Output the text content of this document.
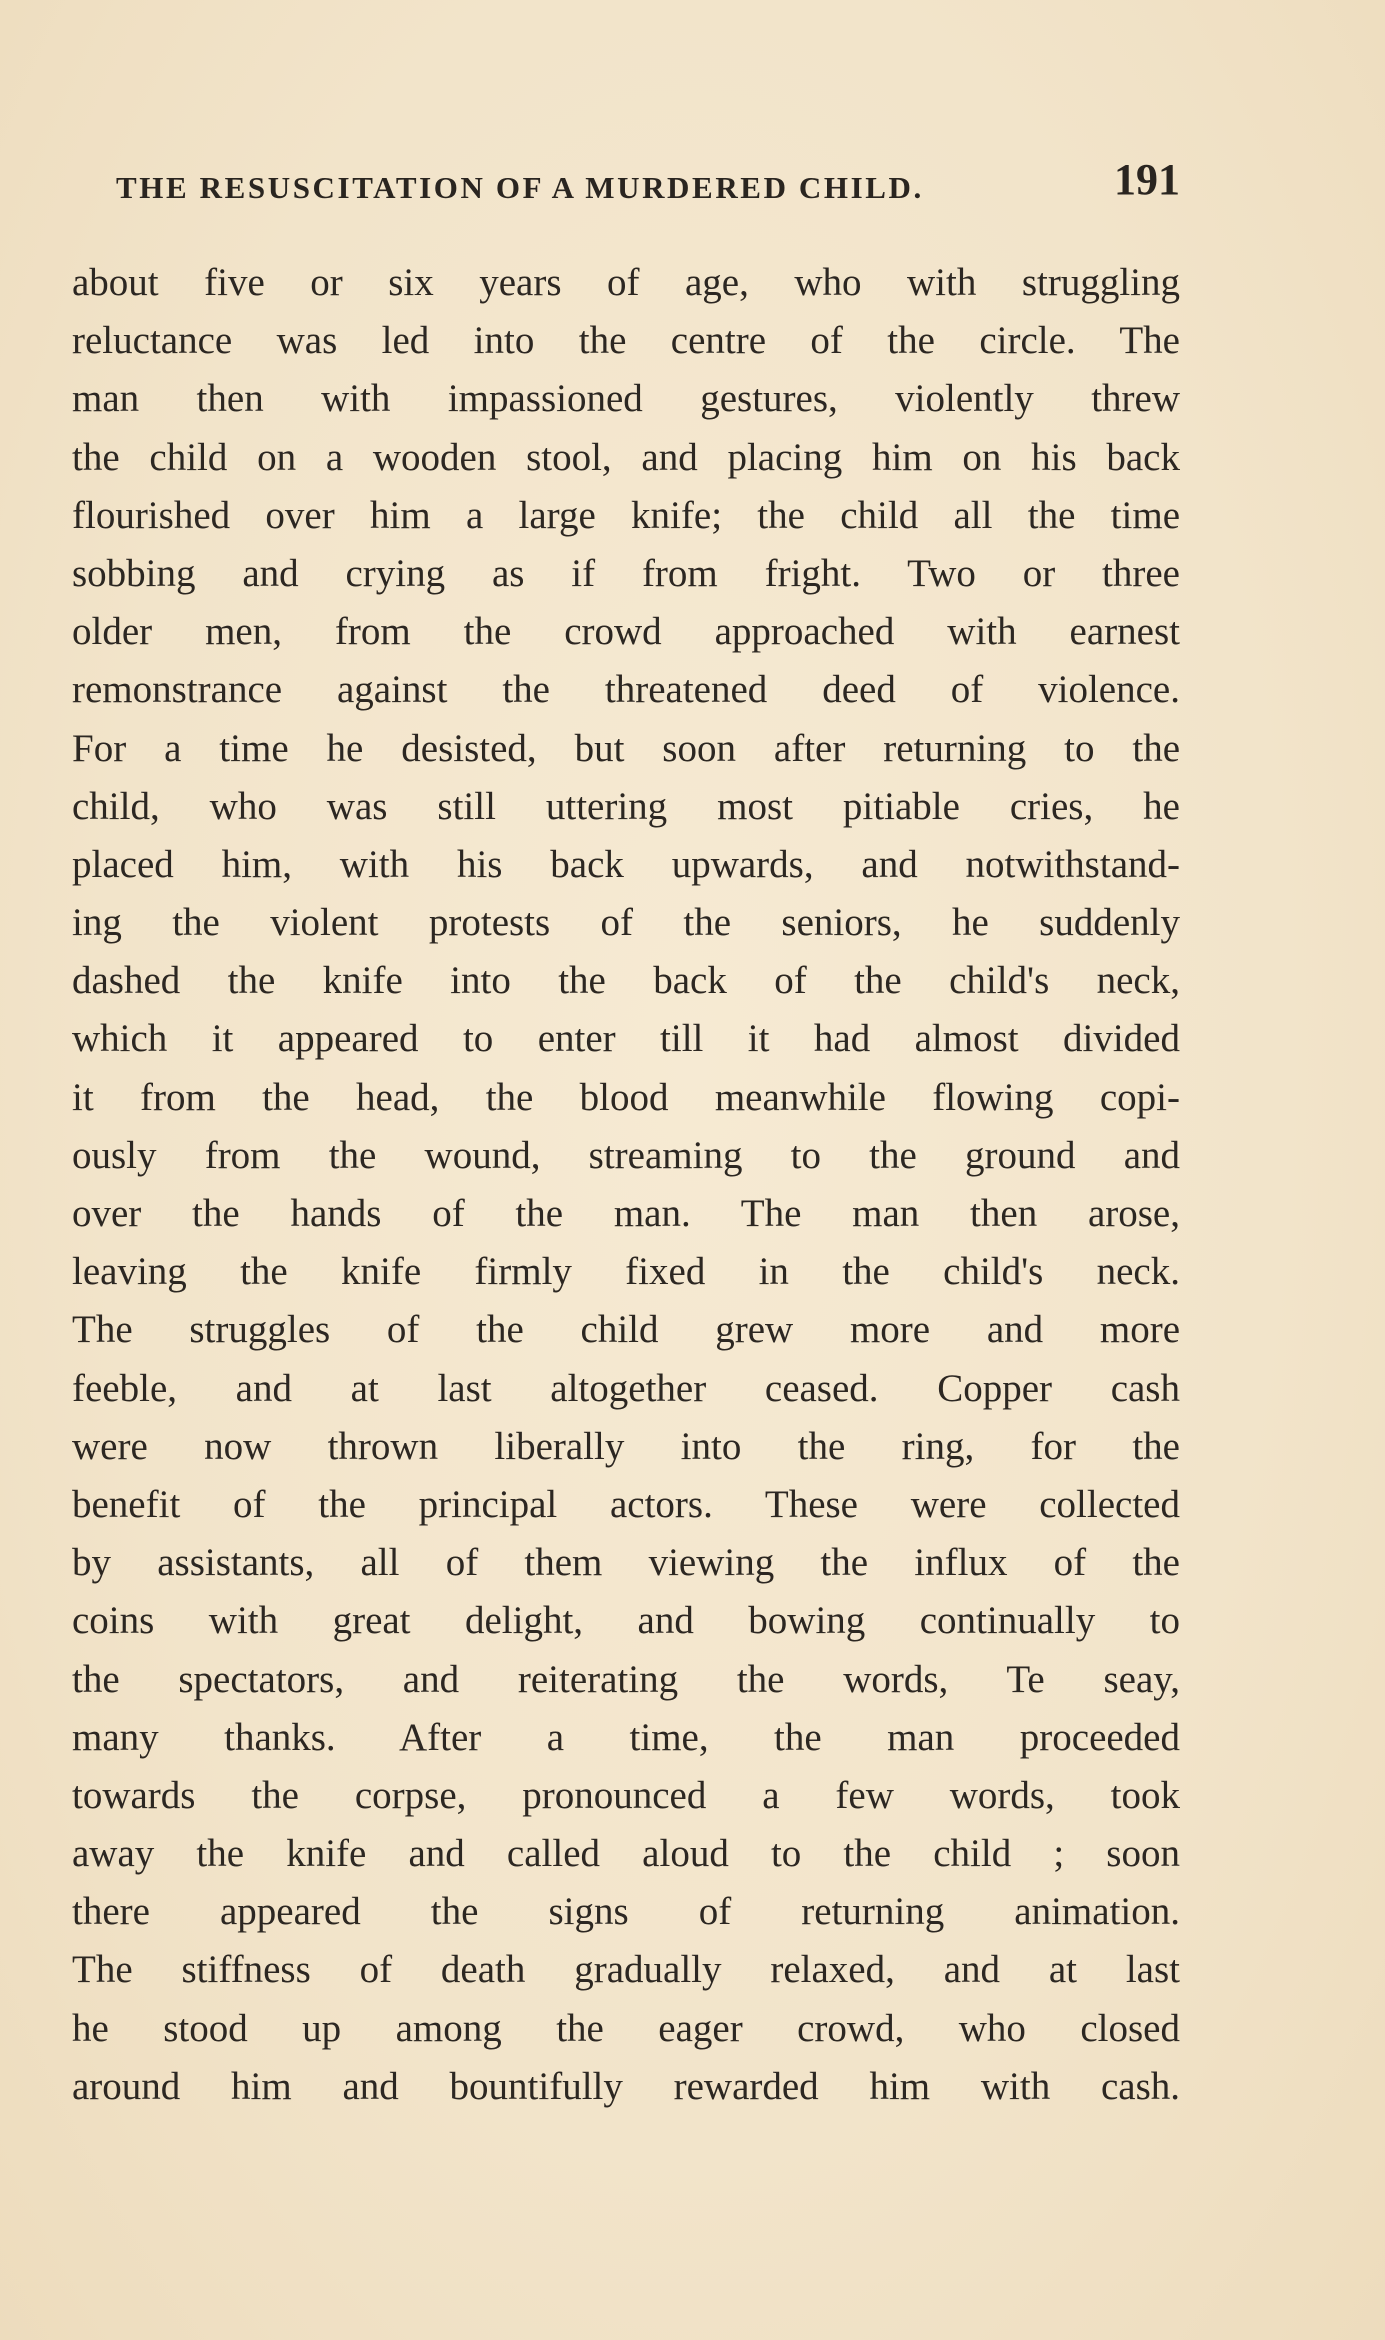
THE RESUSCITATION OF A MURDERED CHILD.	191
about five or six years of age, who with struggling
reluctance was led into the centre of the circle. The
man then with impassioned gestures, violently threw
the child on a wooden stool, and placing him on his back
flourished over him a large knife; the child all the time
sobbing and crying as if from fright. Two or three
older men, from the crowd approached with earnest
remonstrance against the threatened deed of violence.
For a time he desisted, but soon after returning to the
child, who was still uttering most pitiable cries, he
placed him, with his back upwards, and notwithstand-
ing the violent protests of the seniors, he suddenly
dashed the knife into the back of the child's neck,
which it appeared to enter till it had almost divided
it from the head, the blood meanwhile flowing copi-
ously from the wound, streaming to the ground and
over the hands of the man. The man then arose,
leaving the knife firmly fixed in the child's neck.
The struggles of the child grew more and more
feeble, and at last altogether ceased. Copper cash
were now thrown liberally into the ring, for the
benefit of the principal actors. These were collected
by assistants, all of them viewing the influx of the
coins with great delight, and bowing continually to
the spectators, and reiterating the words, Te seay,
many thanks. After a time, the man proceeded
towards the corpse, pronounced a few words, took
away the knife and called aloud to the child ; soon
there appeared the signs of returning animation.
The stiffness of death gradually relaxed, and at last
he stood up among the eager crowd, who closed
around him and bountifully rewarded him with cash.
